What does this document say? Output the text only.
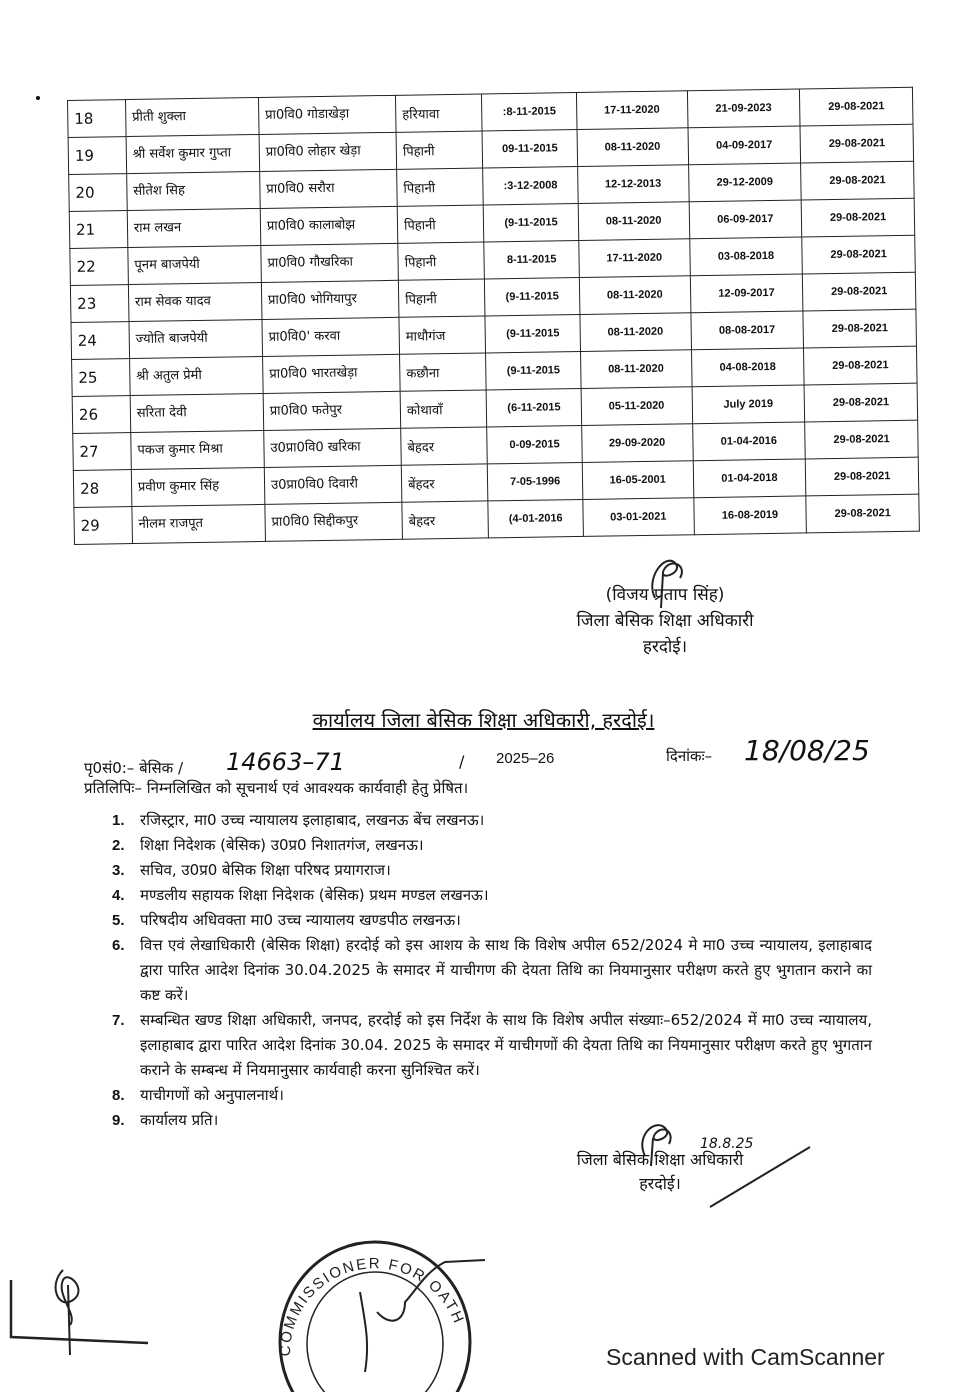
18	प्रीती शुक्ला	प्रा0वि0 गोडाखेड़ा	हरियावा	:8-11-2015	17-11-2020	21-09-2023	29-08-2021
19	श्री सर्वेश कुमार गुप्ता	प्रा0वि0 लोहार खेड़ा	पिहानी	09-11-2015	08-11-2020	04-09-2017	29-08-2021
20	सीतेश सिह	प्रा0वि0 सरौरा	पिहानी	:3-12-2008	12-12-2013	29-12-2009	29-08-2021
21	राम लखन	प्रा0वि0 कालाबोझ	पिहानी	(9-11-2015	08-11-2020	06-09-2017	29-08-2021
22	पूनम बाजपेयी	प्रा0वि0 गौखरिका	पिहानी	8-11-2015	17-11-2020	03-08-2018	29-08-2021
23	राम सेवक यादव	प्रा0वि0 भोगियापुर	पिहानी	(9-11-2015	08-11-2020	12-09-2017	29-08-2021
24	ज्योति बाजपेयी	प्रा0वि0' करवा	माधौगंज	(9-11-2015	08-11-2020	08-08-2017	29-08-2021
25	श्री अतुल प्रेमी	प्रा0वि0 भारतखेड़ा	कछौना	(9-11-2015	08-11-2020	04-08-2018	29-08-2021
26	सरिता देवी	प्रा0वि0 फतेपुर	कोथावाँ	(6-11-2015	05-11-2020	July 2019	29-08-2021
27	पकज कुमार मिश्रा	उ0प्रा0वि0 खरिका	बेहदर	0-09-2015	29-09-2020	01-04-2016	29-08-2021
28	प्रवीण कुमार सिंह	उ0प्रा0वि0 दिवारी	बेंहदर	7-05-1996	16-05-2001	01-04-2018	29-08-2021
29	नीलम राजपूत	प्रा0वि0 सिद्दीकपुर	बेहदर	(4-01-2016	03-01-2021	16-08-2019	29-08-2021
(विजय प्रताप सिंह)
जिला बेसिक शिक्षा अधिकारी
हरदोई।
कार्यालय जिला बेसिक शिक्षा अधिकारी, हरदोई।
पृ0सं0:– बेसिक / 14663–71	/ 2025–26	दिनांकः– 18/08/25
प्रतिलिपिः– निम्नलिखित को सूचनार्थ एवं आवश्यक कार्यवाही हेतु प्रेषित।
1. रजिस्ट्रार, मा0 उच्च न्यायालय इलाहाबाद, लखनऊ बेंच लखनऊ।
2. शिक्षा निदेशक (बेसिक) उ0प्र0 निशातगंज, लखनऊ।
3. सचिव, उ0प्र0 बेसिक शिक्षा परिषद प्रयागराज।
4. मण्डलीय सहायक शिक्षा निदेशक (बेसिक) प्रथम मण्डल लखनऊ।
5. परिषदीय अधिवक्ता मा0 उच्च न्यायालय खण्डपीठ लखनऊ।
6. वित्त एवं लेखाधिकारी (बेसिक शिक्षा) हरदोई को इस आशय के साथ कि विशेष अपील 652/2024 मे मा0 उच्च न्यायालय, इलाहाबाद द्वारा पारित आदेश दिनांक 30.04.2025 के समादर में याचीगण की देयता तिथि का नियमानुसार परीक्षण करते हुए भुगतान कराने का कष्ट करें।
7. सम्बन्धित खण्ड शिक्षा अधिकारी, जनपद, हरदोई को इस निर्देश के साथ कि विशेष अपील संख्याः–652/2024 में मा0 उच्च न्यायालय, इलाहाबाद द्वारा पारित आदेश दिनांक 30.04. 2025 के समादर में याचीगणों की देयता तिथि का नियमानुसार परीक्षण करते हुए भुगतान कराने के सम्बन्ध में नियमानुसार कार्यवाही करना सुनिश्चित करें।
8. याचीगणों को अनुपालनार्थ।
9. कार्यालय प्रति।
18.8.25
जिला बेसिक शिक्षा अधिकारी
हरदोई।
COMMISSIONER FOR OATH
Scanned with CamScanner
